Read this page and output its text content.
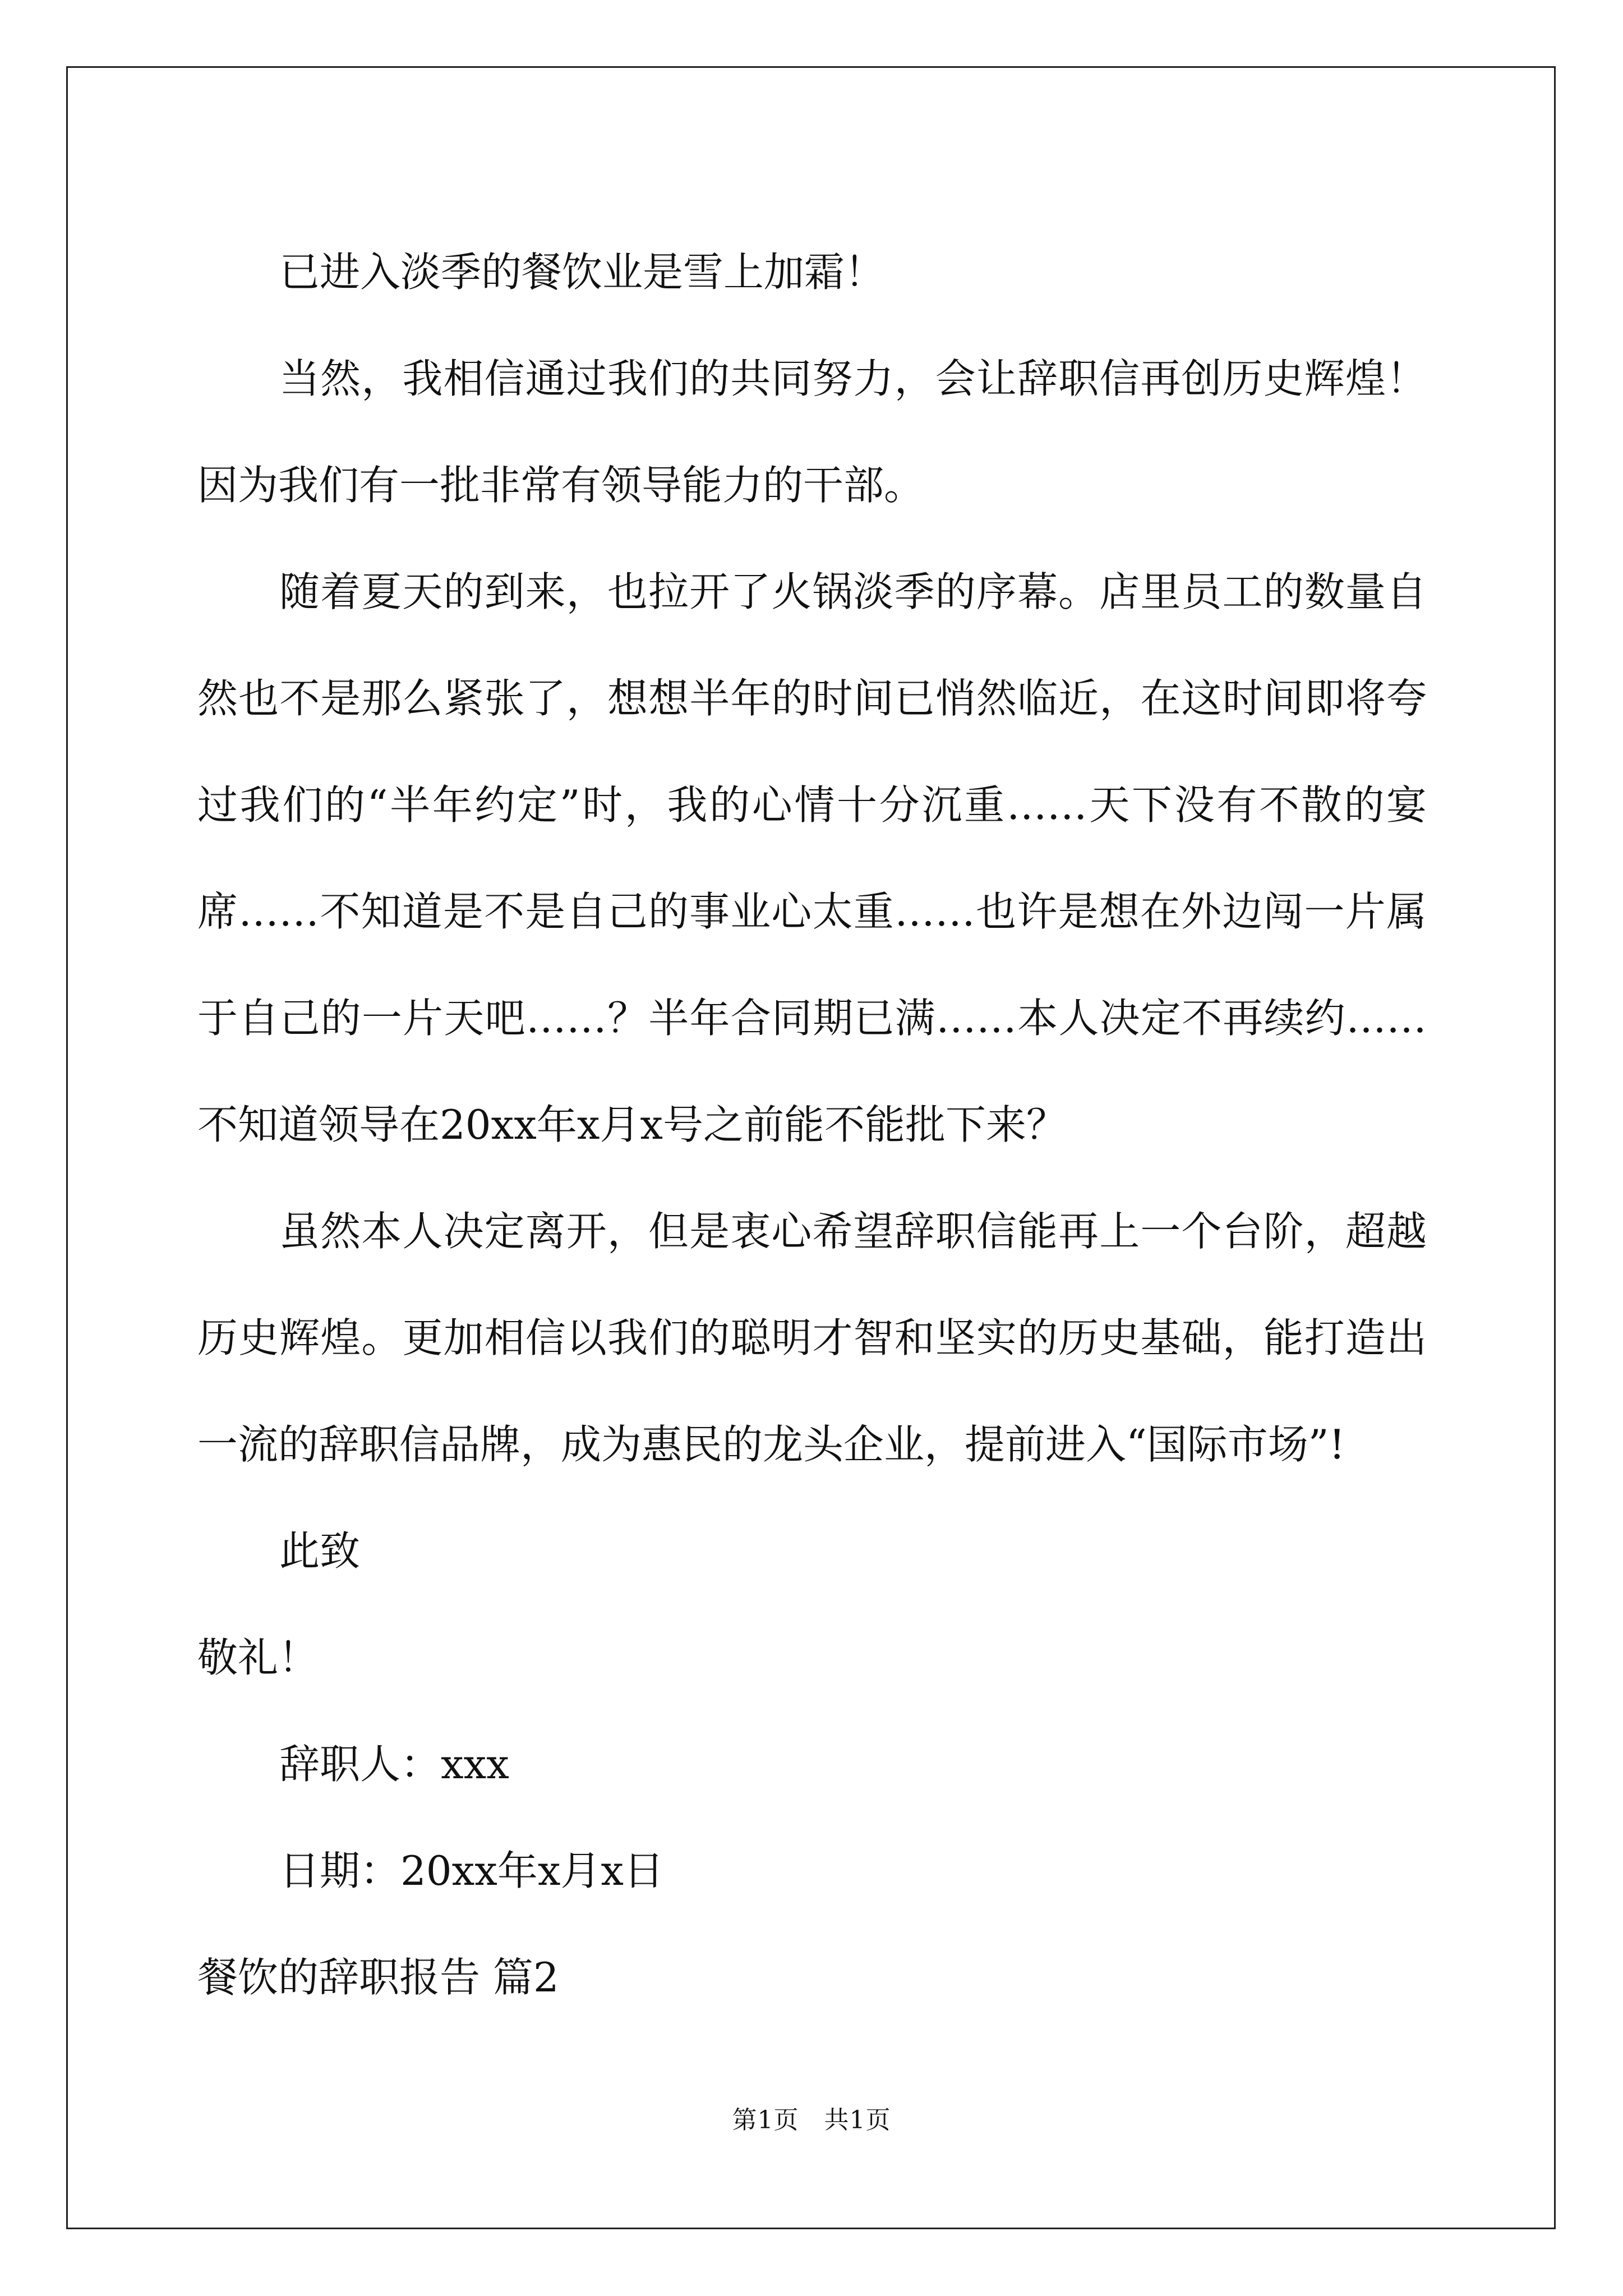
已进入淡季的餐饮业是雪上加霜！

当然，我相信通过我们的共同努力，会让辞职信再创历史辉煌！因为我们有一批非常有领导能力的干部。

随着夏天的到来，也拉开了火锅淡季的序幕。店里员工的数量自然也不是那么紧张了，想想半年的时间已悄然临近，在这时间即将夸过我们的“半年约定”时，我的心情十分沉重……天下没有不散的宴席……不知道是不是自己的事业心太重……也许是想在外边闯一片属于自己的一片天吧……？半年合同期已满……本人决定不再续约……不知道领导在20xx年x月x号之前能不能批下来？

虽然本人决定离开，但是衷心希望辞职信能再上一个台阶，超越历史辉煌。更加相信以我们的聪明才智和坚实的历史基础，能打造出一流的辞职信品牌，成为惠民的龙头企业，提前进入“国际市场”!

此致

敬礼！

辞职人：xxx

日期：20xx年x月x日

餐饮的辞职报告 篇2

第1页 共1页
